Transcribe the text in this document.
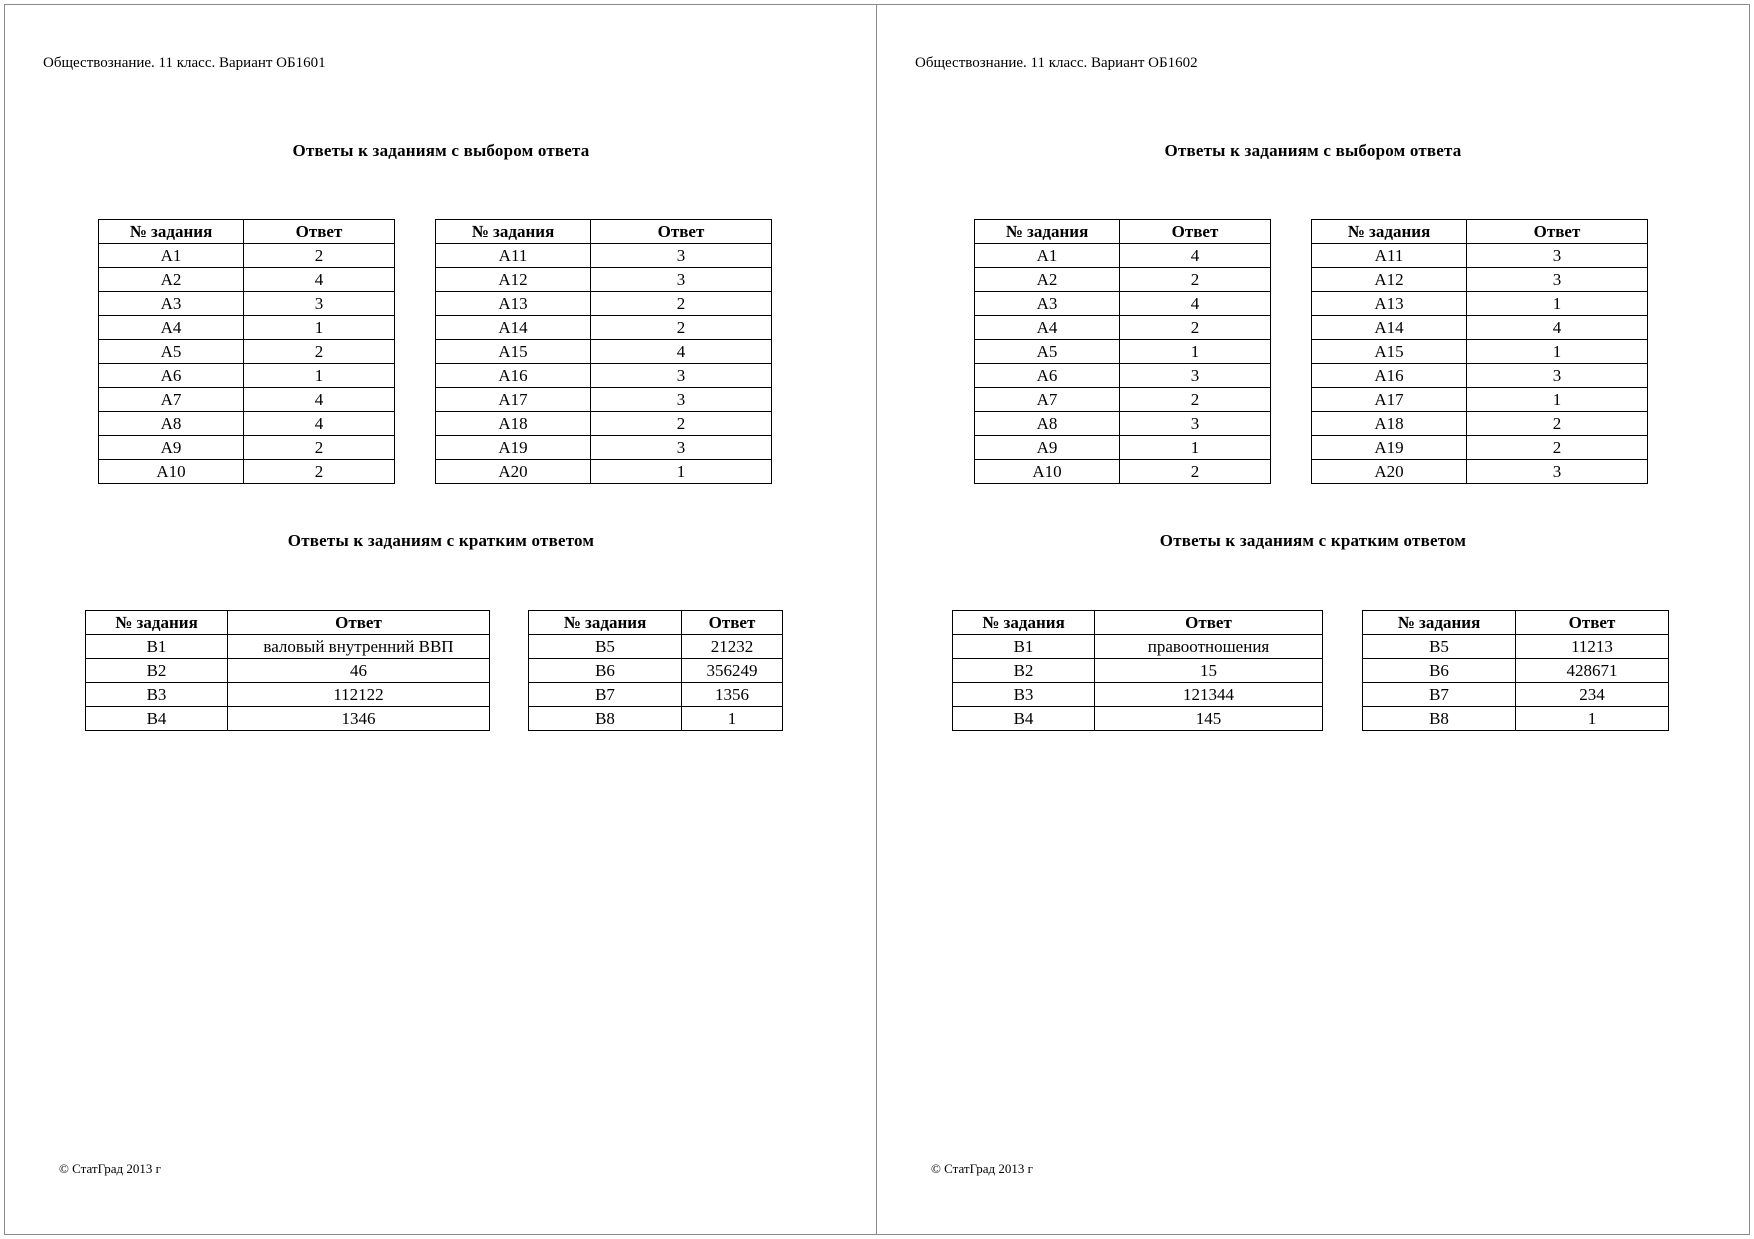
Обществознание. 11 класс. Вариант ОБ1601
Ответы к заданиям с выбором ответа
№ задания	Ответ
A1	2
A2	4
A3	3
A4	1
A5	2
A6	1
A7	4
A8	4
A9	2
A10	2
№ задания	Ответ
A11	3
A12	3
A13	2
A14	2
A15	4
A16	3
A17	3
A18	2
A19	3
A20	1
Ответы к заданиям с кратким ответом
№ задания	Ответ
B1	валовый внутренний ВВП
B2	46
B3	112122
B4	1346
№ задания	Ответ
B5	21232
B6	356249
B7	1356
B8	1
© СтатГрад 2013 г
Обществознание. 11 класс. Вариант ОБ1602
Ответы к заданиям с выбором ответа
№ задания	Ответ
A1	4
A2	2
A3	4
A4	2
A5	1
A6	3
A7	2
A8	3
A9	1
A10	2
№ задания	Ответ
A11	3
A12	3
A13	1
A14	4
A15	1
A16	3
A17	1
A18	2
A19	2
A20	3
Ответы к заданиям с кратким ответом
№ задания	Ответ
B1	правоотношения
B2	15
B3	121344
B4	145
№ задания	Ответ
B5	11213
B6	428671
B7	234
B8	1
© СтатГрад 2013 г
